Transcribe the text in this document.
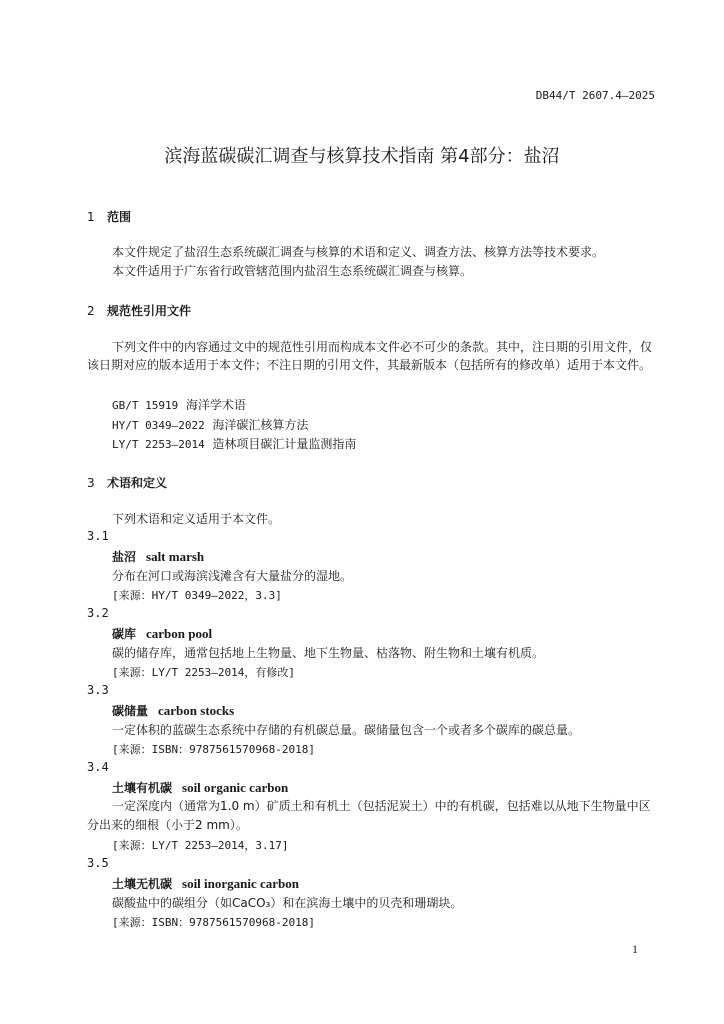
DB44/T 2607.4—2025
滨海蓝碳碳汇调查与核算技术指南 第4部分：盐沼
1 范围
本文件规定了盐沼生态系统碳汇调查与核算的术语和定义、调查方法、核算方法等技术要求。
本文件适用于广东省行政管辖范围内盐沼生态系统碳汇调查与核算。
2 规范性引用文件
下列文件中的内容通过文中的规范性引用而构成本文件必不可少的条款。其中，注日期的引用文件，仅该日期对应的版本适用于本文件；不注日期的引用文件，其最新版本（包括所有的修改单）适用于本文件。
GB/T 15919 海洋学术语
HY/T 0349—2022 海洋碳汇核算方法
LY/T 2253—2014 造林项目碳汇计量监测指南
3 术语和定义
下列术语和定义适用于本文件。
3.1
盐沼 salt marsh
分布在河口或海滨浅滩含有大量盐分的湿地。
[来源：HY/T 0349—2022，3.3]
3.2
碳库 carbon pool
碳的储存库，通常包括地上生物量、地下生物量、枯落物、附生物和土壤有机质。
[来源：LY/T 2253—2014，有修改]
3.3
碳储量 carbon stocks
一定体积的蓝碳生态系统中存储的有机碳总量。碳储量包含一个或者多个碳库的碳总量。
[来源：ISBN：9787561570968-2018]
3.4
土壤有机碳 soil organic carbon
一定深度内（通常为1.0 m）矿质土和有机土（包括泥炭土）中的有机碳，包括难以从地下生物量中区分出来的细根（小于2 mm）。
[来源：LY/T 2253—2014，3.17]
3.5
土壤无机碳 soil inorganic carbon
碳酸盐中的碳组分（如CaCO₃）和在滨海土壤中的贝壳和珊瑚块。
[来源：ISBN：9787561570968-2018]
1
